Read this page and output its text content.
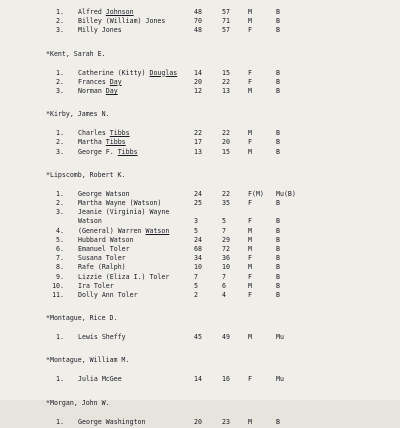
1. Alfred Johnson	48	57	M	B
2. Billey (William) Jones	70	71	M	B
3. Milly Jones	48	57	F	B
*Kent, Sarah E.
1. Catherine (Kitty) Douglas	14	15	F	B
2. Frances Day	20	22	F	B
3. Norman Day	12	13	M	B
*Kirby, James N.
1. Charles Tibbs	22	22	M	B
2. Martha Tibbs	17	20	F	B
3. George F. Tibbs	13	15	M	B
*Lipscomb, Robert K.
1. George Watson	24	22	F(M) Mu(B)
2. Martha Wayne (Watson)	25	35	F	B
3. Jeanie (Virginia) Wayne
Watson	3	5	F	B
4. (General) Warren Watson	5	7	M	B
5. Hubbard Watson	24	29	M	B
6. Emanuel Toler	68	72	M	B
7. Susana Toler	34	36	F	B
8. Rafe (Ralph)	10	10	M	B
9. Lizzie (Eliza I.) Toler	7	7	F	B
10. Ira Toler	5	6	M	B
11. Dolly Ann Toler	2	4	F	B
*Montague, Rice D.
1. Lewis Sheffy	45	49	M	Mu
*Montague, William M.
1. Julia McGee	14	16	F	Mu
*Morgan, John W.
1. George Washington	20	23	M	B
